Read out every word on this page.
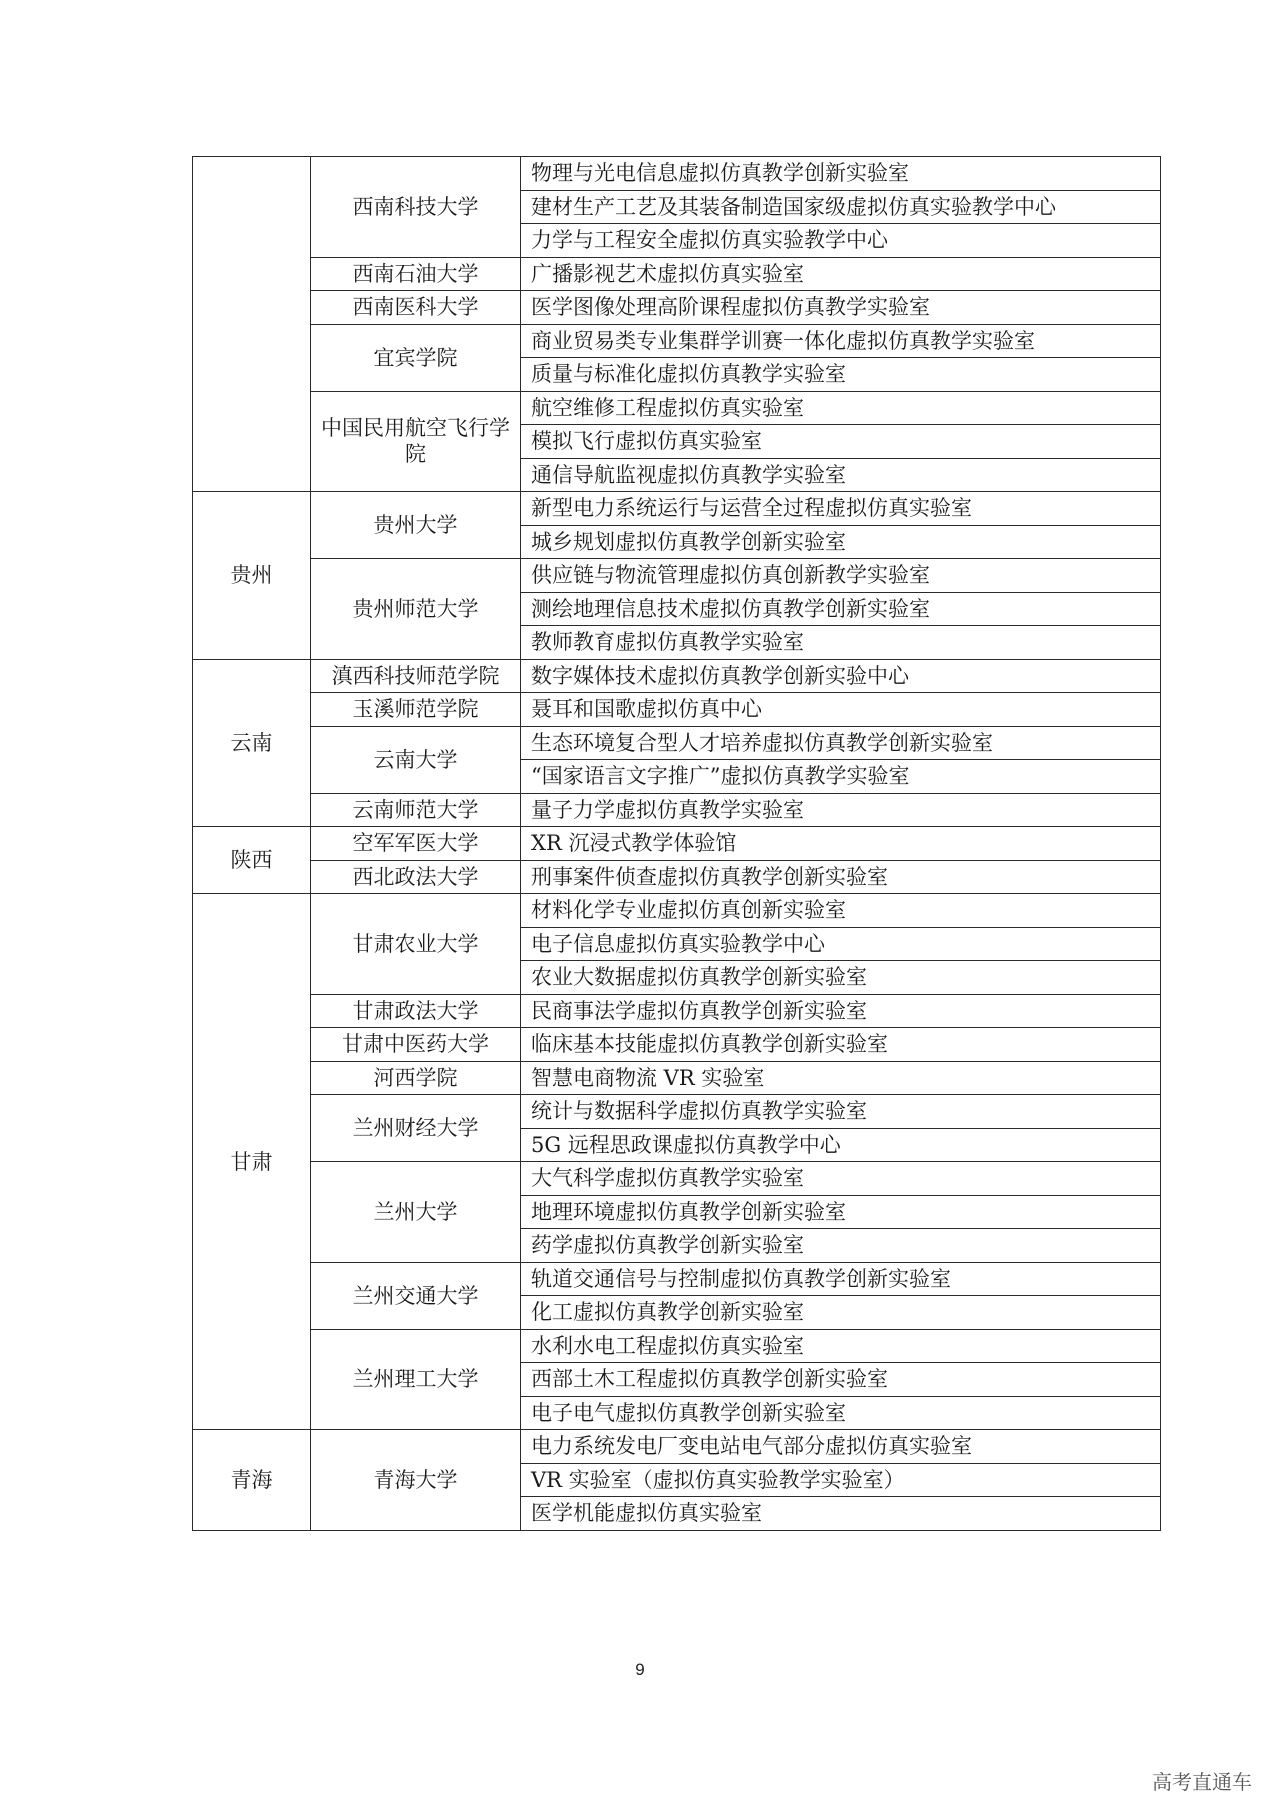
	西南科技大学	物理与光电信息虚拟仿真教学创新实验室
		建材生产工艺及其装备制造国家级虚拟仿真实验教学中心
		力学与工程安全虚拟仿真实验教学中心
	西南石油大学	广播影视艺术虚拟仿真实验室
	西南医科大学	医学图像处理高阶课程虚拟仿真教学实验室
	宜宾学院	商业贸易类专业集群学训赛一体化虚拟仿真教学实验室
		质量与标准化虚拟仿真教学实验室
	中国民用航空飞行学院	航空维修工程虚拟仿真实验室
		模拟飞行虚拟仿真实验室
		通信导航监视虚拟仿真教学实验室
贵州	贵州大学	新型电力系统运行与运营全过程虚拟仿真实验室
		城乡规划虚拟仿真教学创新实验室
	贵州师范大学	供应链与物流管理虚拟仿真创新教学实验室
		测绘地理信息技术虚拟仿真教学创新实验室
		教师教育虚拟仿真教学实验室
云南	滇西科技师范学院	数字媒体技术虚拟仿真教学创新实验中心
	玉溪师范学院	聂耳和国歌虚拟仿真中心
	云南大学	生态环境复合型人才培养虚拟仿真教学创新实验室
		“国家语言文字推广”虚拟仿真教学实验室
	云南师范大学	量子力学虚拟仿真教学实验室
陕西	空军军医大学	XR 沉浸式教学体验馆
	西北政法大学	刑事案件侦查虚拟仿真教学创新实验室
甘肃	甘肃农业大学	材料化学专业虚拟仿真创新实验室
		电子信息虚拟仿真实验教学中心
		农业大数据虚拟仿真教学创新实验室
	甘肃政法大学	民商事法学虚拟仿真教学创新实验室
	甘肃中医药大学	临床基本技能虚拟仿真教学创新实验室
	河西学院	智慧电商物流 VR 实验室
	兰州财经大学	统计与数据科学虚拟仿真教学实验室
		5G 远程思政课虚拟仿真教学中心
	兰州大学	大气科学虚拟仿真教学实验室
		地理环境虚拟仿真教学创新实验室
		药学虚拟仿真教学创新实验室
	兰州交通大学	轨道交通信号与控制虚拟仿真教学创新实验室
		化工虚拟仿真教学创新实验室
	兰州理工大学	水利水电工程虚拟仿真实验室
		西部土木工程虚拟仿真教学创新实验室
		电子电气虚拟仿真教学创新实验室
青海	青海大学	电力系统发电厂变电站电气部分虚拟仿真实验室
		VR 实验室（虚拟仿真实验教学实验室）
		医学机能虚拟仿真实验室
9
高考直通车
